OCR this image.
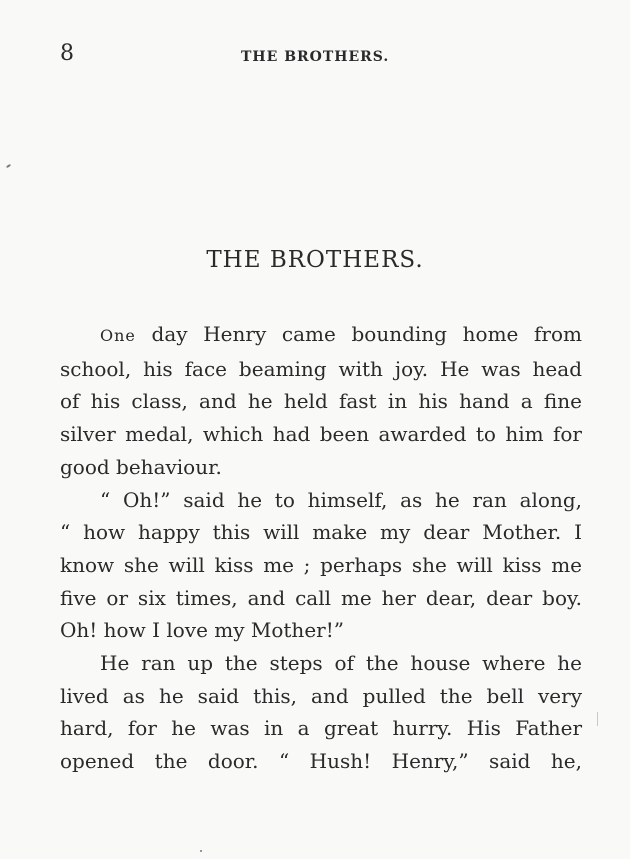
8	THE BROTHERS.
THE BROTHERS.
One day Henry came bounding home from
school, his face beaming with joy. He was head
of his class, and he held fast in his hand a fine
silver medal, which had been awarded to him for
good behaviour.
“ Oh!” said he to himself, as he ran along,
“ how happy this will make my dear Mother. I
know she will kiss me ; perhaps she will kiss me
five or six times, and call me her dear, dear boy.
Oh! how I love my Mother!”
He ran up the steps of the house where he
lived as he said this, and pulled the bell very
hard, for he was in a great hurry. His Father
opened the door. “ Hush! Henry,” said he,
